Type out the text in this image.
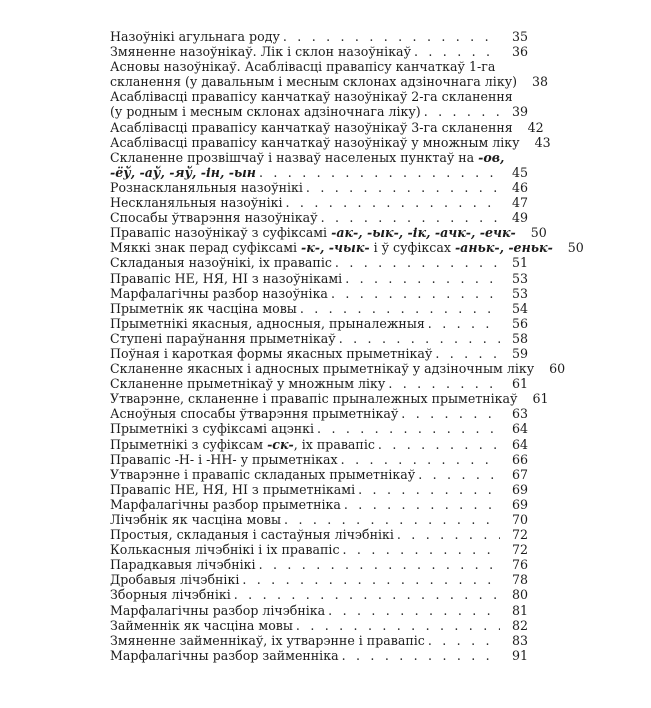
Назоўнікі агульнага роду . . .	35
Змяненне назоўнікаў. Лік і склон назоўнікаў . . .	36
Асновы назоўнікаў. Асаблівасці правапісу канчаткаў 1-га
скланення (у давальным і месным склонах адзіночнага ліку)	38
Асаблівасці правапісу канчаткаў назоўнікаў 2-га скланення
(у родным і месным склонах адзіночнага ліку) . . .	39
Асаблівасці правапісу канчаткаў назоўнікаў 3-га скланення	42
Асаблівасці правапісу канчаткаў назоўнікаў у множным ліку	43
Скланенне прозвішчаў і назваў населеных пунктаў на -ов,
-ёў, -аў, -яў, -ін, -ын . . .	45
Рознаскланяльныя назоўнікі . . .	46
Нескланяльныя назоўнікі . . .	47
Спосабы ўтварэння назоўнікаў . . .	49
Правапіс назоўнікаў з суфіксамі -ак-, -ык-, -ік, -ачк-, -ечк-	50
Мяккі знак перад суфіксамі -к-, -чык- і ў суфіксах -аньк-, -еньк-	50
Складаныя назоўнікі, іх правапіс . . .	51
Правапіс НЕ, НЯ, НІ з назоўнікамі . . .	53
Марфалагічны разбор назоўніка . . .	53
Прыметнік як часціна мовы . . .	54
Прыметнікі якасныя, адносныя, прыналежныя . . .	56
Ступені параўнання прыметнікаў . . .	58
Поўная і кароткая формы якасных прыметнікаў . . .	59
Скланенне якасных і адносных прыметнікаў у адзіночным ліку	60
Скланенне прыметнікаў у множным ліку . . .	61
Утварэнне, скланенне і правапіс прыналежных прыметнікаў	61
Асноўныя спосабы ўтварэння прыметнікаў . . .	63
Прыметнікі з суфіксамі ацэнкі . . .	64
Прыметнікі з суфіксам -ск-, іх правапіс . . .	64
Правапіс -Н- і -НН- у прыметніках . . .	66
Утварэнне і правапіс складаных прыметнікаў . . .	67
Правапіс НЕ, НЯ, НІ з прыметнікамі . . .	69
Марфалагічны разбор прыметніка . . .	69
Лічэбнік як часціна мовы . . .	70
Простыя, складаныя і састаўныя лічэбнікі . . .	72
Колькасныя лічэбнікі і іх правапіс . . .	72
Парадкавыя лічэбнікі . . .	76
Дробавыя лічэбнікі . . .	78
Зборныя лічэбнікі . . .	80
Марфалагічны разбор лічэбніка . . .	81
Займеннік як часціна мовы . . .	82
Змяненне займеннікаў, іх утварэнне і правапіс . . .	83
Марфалагічны разбор займенніка . . .	91
